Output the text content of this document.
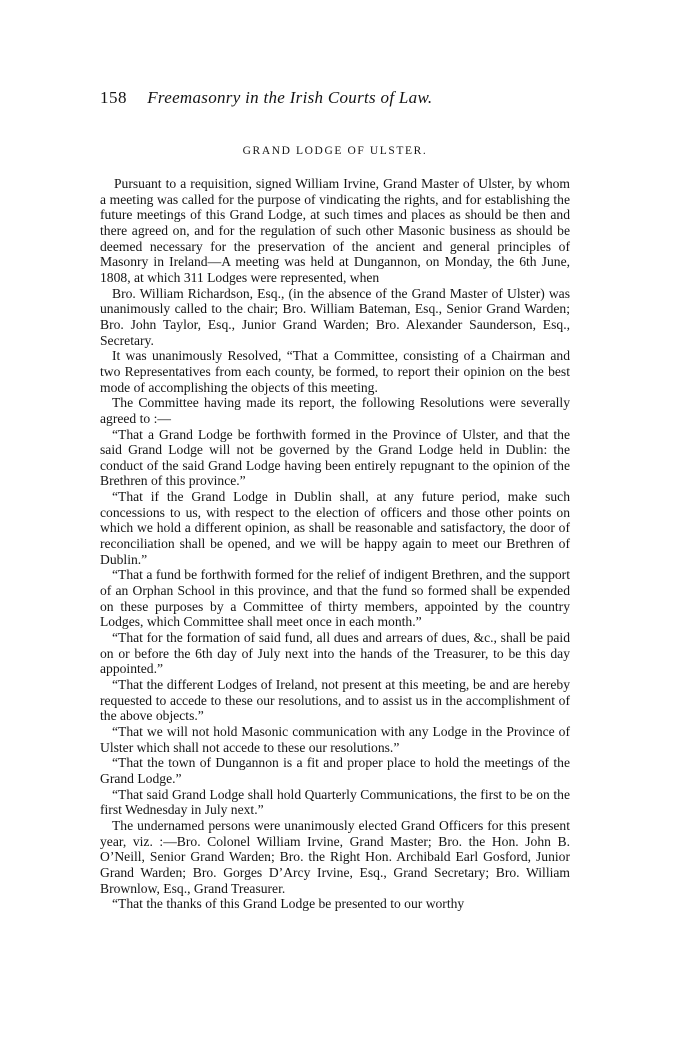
158 Freemasonry in the Irish Courts of Law.
GRAND LODGE OF ULSTER.

Pursuant to a requisition, signed William Irvine, Grand Master of Ulster, by whom a meeting was called for the purpose of vindicating the rights, and for establishing the future meetings of this Grand Lodge, at such times and places as should be then and there agreed on, and for the regulation of such other Masonic business as should be deemed necessary for the preservation of the ancient and general principles of Masonry in Ireland—A meeting was held at Dungannon, on Monday, the 6th June, 1808, at which 311 Lodges were represented, when

Bro. William Richardson, Esq., (in the absence of the Grand Master of Ulster) was unanimously called to the chair; Bro. William Bateman, Esq., Senior Grand Warden; Bro. John Taylor, Esq., Junior Grand Warden; Bro. Alexander Saunderson, Esq., Secretary.

It was unanimously Resolved, “That a Committee, consisting of a Chairman and two Representatives from each county, be formed, to report their opinion on the best mode of accomplishing the objects of this meeting.

The Committee having made its report, the following Resolutions were severally agreed to :—

“That a Grand Lodge be forthwith formed in the Province of Ulster, and that the said Grand Lodge will not be governed by the Grand Lodge held in Dublin: the conduct of the said Grand Lodge having been entirely repugnant to the opinion of the Brethren of this province.”

“That if the Grand Lodge in Dublin shall, at any future period, make such concessions to us, with respect to the election of officers and those other points on which we hold a different opinion, as shall be reasonable and satisfactory, the door of reconciliation shall be opened, and we will be happy again to meet our Brethren of Dublin.”

“That a fund be forthwith formed for the relief of indigent Brethren, and the support of an Orphan School in this province, and that the fund so formed shall be expended on these purposes by a Committee of thirty members, appointed by the country Lodges, which Committee shall meet once in each month.”

“That for the formation of said fund, all dues and arrears of dues, &c., shall be paid on or before the 6th day of July next into the hands of the Treasurer, to be this day appointed.”

“That the different Lodges of Ireland, not present at this meeting, be and are hereby requested to accede to these our resolutions, and to assist us in the accomplishment of the above objects.”

“That we will not hold Masonic communication with any Lodge in the Province of Ulster which shall not accede to these our resolutions.”

“That the town of Dungannon is a fit and proper place to hold the meetings of the Grand Lodge.”

“That said Grand Lodge shall hold Quarterly Communications, the first to be on the first Wednesday in July next.”

The undernamed persons were unanimously elected Grand Officers for this present year, viz. :—Bro. Colonel William Irvine, Grand Master; Bro. the Hon. John B. O’Neill, Senior Grand Warden; Bro. the Right Hon. Archibald Earl Gosford, Junior Grand Warden; Bro. Gorges D’Arcy Irvine, Esq., Grand Secretary; Bro. William Brownlow, Esq., Grand Treasurer.

“That the thanks of this Grand Lodge be presented to our worthy
